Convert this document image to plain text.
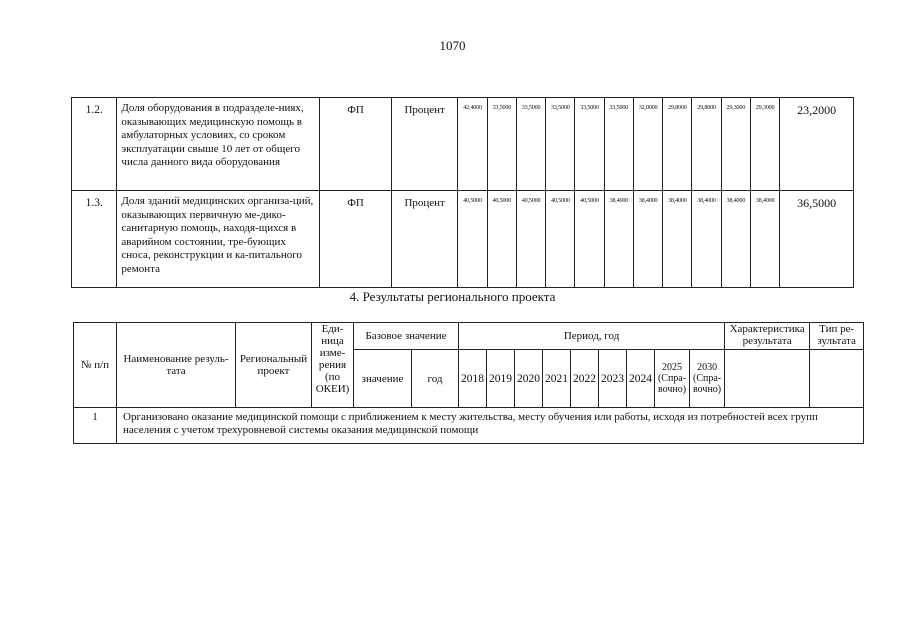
1070
1.2.	Доля оборудования в подразделе-ниях, оказывающих медицинскую помощь в амбулаторных условиях, со сроком эксплуатации свыше 10 лет от общего числа данного вида оборудования	ФП	Процент	42,4000	33,5000	33,5000	33,5000	33,5000	33,5000	32,0000	29,8000	29,8000	29,3000	29,3000	23,2000
1.3.	Доля зданий медицинских организа-ций, оказывающих первичную ме-дико-санитарную помощь, находя-щихся в аварийном состоянии, тре-бующих сноса, реконструкции и ка-питального ремонта	ФП	Процент	40,5000	40,5000	40,5000	40,5000	40,5000	38,4000	38,4000	38,4000	38,4000	38,4000	38,4000	36,5000
4. Результаты регионального проекта
№ п/п	Наименование резуль-тата	Региональный проект	Еди-ница изме-рения (по ОКЕИ)	Базовое значение		Период, год									Характеристика результата	Тип ре-зультата
				значение	год	2018	2019	2020	2021	2022	2023	2024	2025 (Спра-вочно)	2030 (Спра-вочно)		
1	Организовано оказание медицинской помощи с приближением к месту жительства, месту обучения или работы, исходя из потребностей всех групп населения с учетом трехуровневой системы оказания медицинской помощи															
